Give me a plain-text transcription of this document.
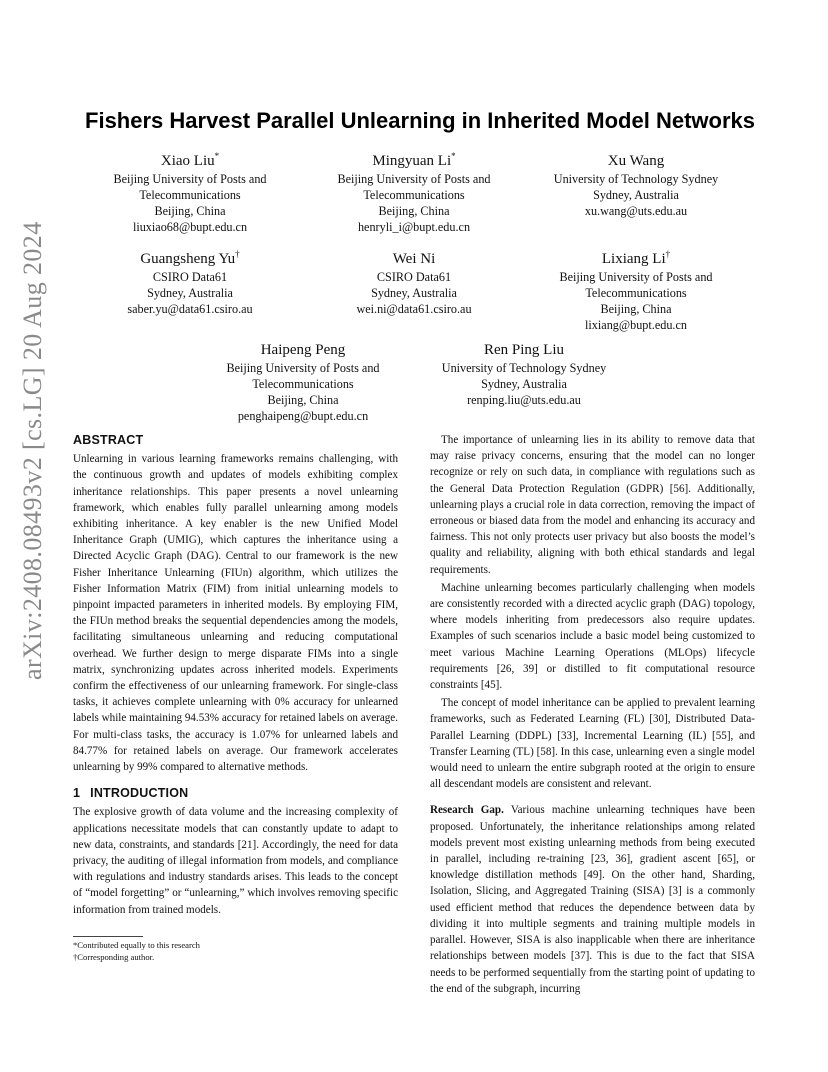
arXiv:2408.08493v2 [cs.LG] 20 Aug 2024
Fishers Harvest Parallel Unlearning in Inherited Model Networks
Xiao Liu*
Beijing University of Posts and
Telecommunications
Beijing, China
liuxiao68@bupt.edu.cn
Mingyuan Li*
Beijing University of Posts and
Telecommunications
Beijing, China
henryli_i@bupt.edu.cn
Xu Wang
University of Technology Sydney
Sydney, Australia
xu.wang@uts.edu.au
Guangsheng Yu†
CSIRO Data61
Sydney, Australia
saber.yu@data61.csiro.au
Wei Ni
CSIRO Data61
Sydney, Australia
wei.ni@data61.csiro.au
Lixiang Li†
Beijing University of Posts and
Telecommunications
Beijing, China
lixiang@bupt.edu.cn
Haipeng Peng
Beijing University of Posts and
Telecommunications
Beijing, China
penghaipeng@bupt.edu.cn
Ren Ping Liu
University of Technology Sydney
Sydney, Australia
renping.liu@uts.edu.au
ABSTRACT

Unlearning in various learning frameworks remains challenging, with the continuous growth and updates of models exhibiting complex inheritance relationships. This paper presents a novel unlearning framework, which enables fully parallel unlearning among models exhibiting inheritance. A key enabler is the new Unified Model Inheritance Graph (UMIG), which captures the inheritance using a Directed Acyclic Graph (DAG). Central to our framework is the new Fisher Inheritance Unlearning (FIUn) algorithm, which utilizes the Fisher Information Matrix (FIM) from initial unlearning models to pinpoint impacted parameters in inherited models. By employing FIM, the FIUn method breaks the sequential dependencies among the models, facilitating simultaneous unlearning and reducing computational overhead. We further design to merge disparate FIMs into a single matrix, synchronizing updates across inherited models. Experiments confirm the effectiveness of our unlearning framework. For single-class tasks, it achieves complete unlearning with 0% accuracy for unlearned labels while maintaining 94.53% accuracy for retained labels on average. For multi-class tasks, the accuracy is 1.07% for unlearned labels and 84.77% for retained labels on average. Our framework accelerates unlearning by 99% compared to alternative methods.

1 INTRODUCTION

The explosive growth of data volume and the increasing complexity of applications necessitate models that can constantly update to adapt to new data, constraints, and standards [21]. Accordingly, the need for data privacy, the auditing of illegal information from models, and compliance with regulations and industry standards arises. This leads to the concept of “model forgetting” or “unlearning,” which involves removing specific information from trained models.

*Contributed equally to this research
†Corresponding author.

The importance of unlearning lies in its ability to remove data that may raise privacy concerns, ensuring that the model can no longer recognize or rely on such data, in compliance with regulations such as the General Data Protection Regulation (GDPR) [56]. Additionally, unlearning plays a crucial role in data correction, removing the impact of erroneous or biased data from the model and enhancing its accuracy and fairness. This not only protects user privacy but also boosts the model’s quality and reliability, aligning with both ethical standards and legal requirements.

Machine unlearning becomes particularly challenging when models are consistently recorded with a directed acyclic graph (DAG) topology, where models inheriting from predecessors also require updates. Examples of such scenarios include a basic model being customized to meet various Machine Learning Operations (MLOps) lifecycle requirements [26, 39] or distilled to fit computational resource constraints [45].

The concept of model inheritance can be applied to prevalent learning frameworks, such as Federated Learning (FL) [30], Distributed Data-Parallel Learning (DDPL) [33], Incremental Learning (IL) [55], and Transfer Learning (TL) [58]. In this case, unlearning even a single model would need to unlearn the entire subgraph rooted at the origin to ensure all descendant models are consistent and relevant.

Research Gap. Various machine unlearning techniques have been proposed. Unfortunately, the inheritance relationships among related models prevent most existing unlearning methods from being executed in parallel, including re-training [23, 36], gradient ascent [65], or knowledge distillation methods [49]. On the other hand, Sharding, Isolation, Slicing, and Aggregated Training (SISA) [3] is a commonly used efficient method that reduces the dependence between data by dividing it into multiple segments and training multiple models in parallel. However, SISA is also inapplicable when there are inheritance relationships between models [37]. This is due to the fact that SISA needs to be performed sequentially from the starting point of updating to the end of the subgraph, incurring
